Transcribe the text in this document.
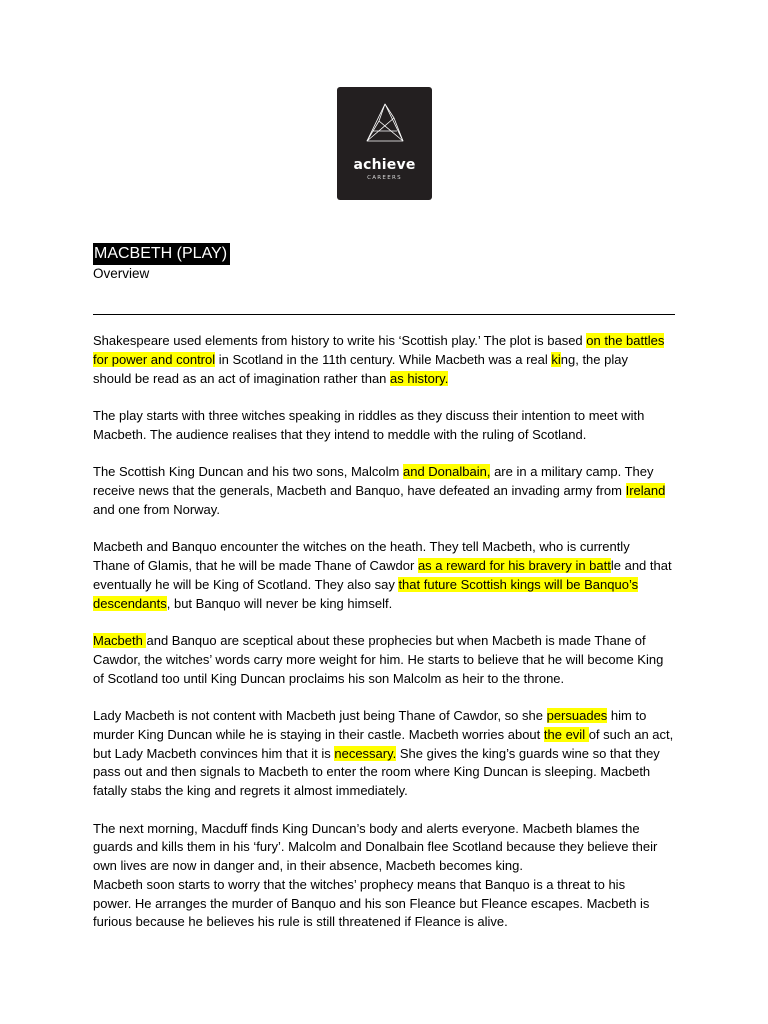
achieve
CAREERS
MACBETH (PLAY)
Overview
Shakespeare used elements from history to write his ‘Scottish play.’ The plot is based on the battles
for power and control in Scotland in the 11th century. While Macbeth was a real king, the play
should be read as an act of imagination rather than as history.
The play starts with three witches speaking in riddles as they discuss their intention to meet with
Macbeth. The audience realises that they intend to meddle with the ruling of Scotland.
The Scottish King Duncan and his two sons, Malcolm and Donalbain, are in a military camp. They
receive news that the generals, Macbeth and Banquo, have defeated an invading army from Ireland
and one from Norway.
Macbeth and Banquo encounter the witches on the heath. They tell Macbeth, who is currently
Thane of Glamis, that he will be made Thane of Cawdor as a reward for his bravery in battle and that
eventually he will be King of Scotland. They also say that future Scottish kings will be Banquo’s
descendants, but Banquo will never be king himself.
Macbeth and Banquo are sceptical about these prophecies but when Macbeth is made Thane of
Cawdor, the witches’ words carry more weight for him. He starts to believe that he will become King
of Scotland too until King Duncan proclaims his son Malcolm as heir to the throne.
Lady Macbeth is not content with Macbeth just being Thane of Cawdor, so she persuades him to
murder King Duncan while he is staying in their castle. Macbeth worries about the evil of such an act,
but Lady Macbeth convinces him that it is necessary. She gives the king’s guards wine so that they
pass out and then signals to Macbeth to enter the room where King Duncan is sleeping. Macbeth
fatally stabs the king and regrets it almost immediately.
The next morning, Macduff finds King Duncan’s body and alerts everyone. Macbeth blames the
guards and kills them in his ‘fury’. Malcolm and Donalbain flee Scotland because they believe their
own lives are now in danger and, in their absence, Macbeth becomes king.
Macbeth soon starts to worry that the witches’ prophecy means that Banquo is a threat to his
power. He arranges the murder of Banquo and his son Fleance but Fleance escapes. Macbeth is
furious because he believes his rule is still threatened if Fleance is alive.
